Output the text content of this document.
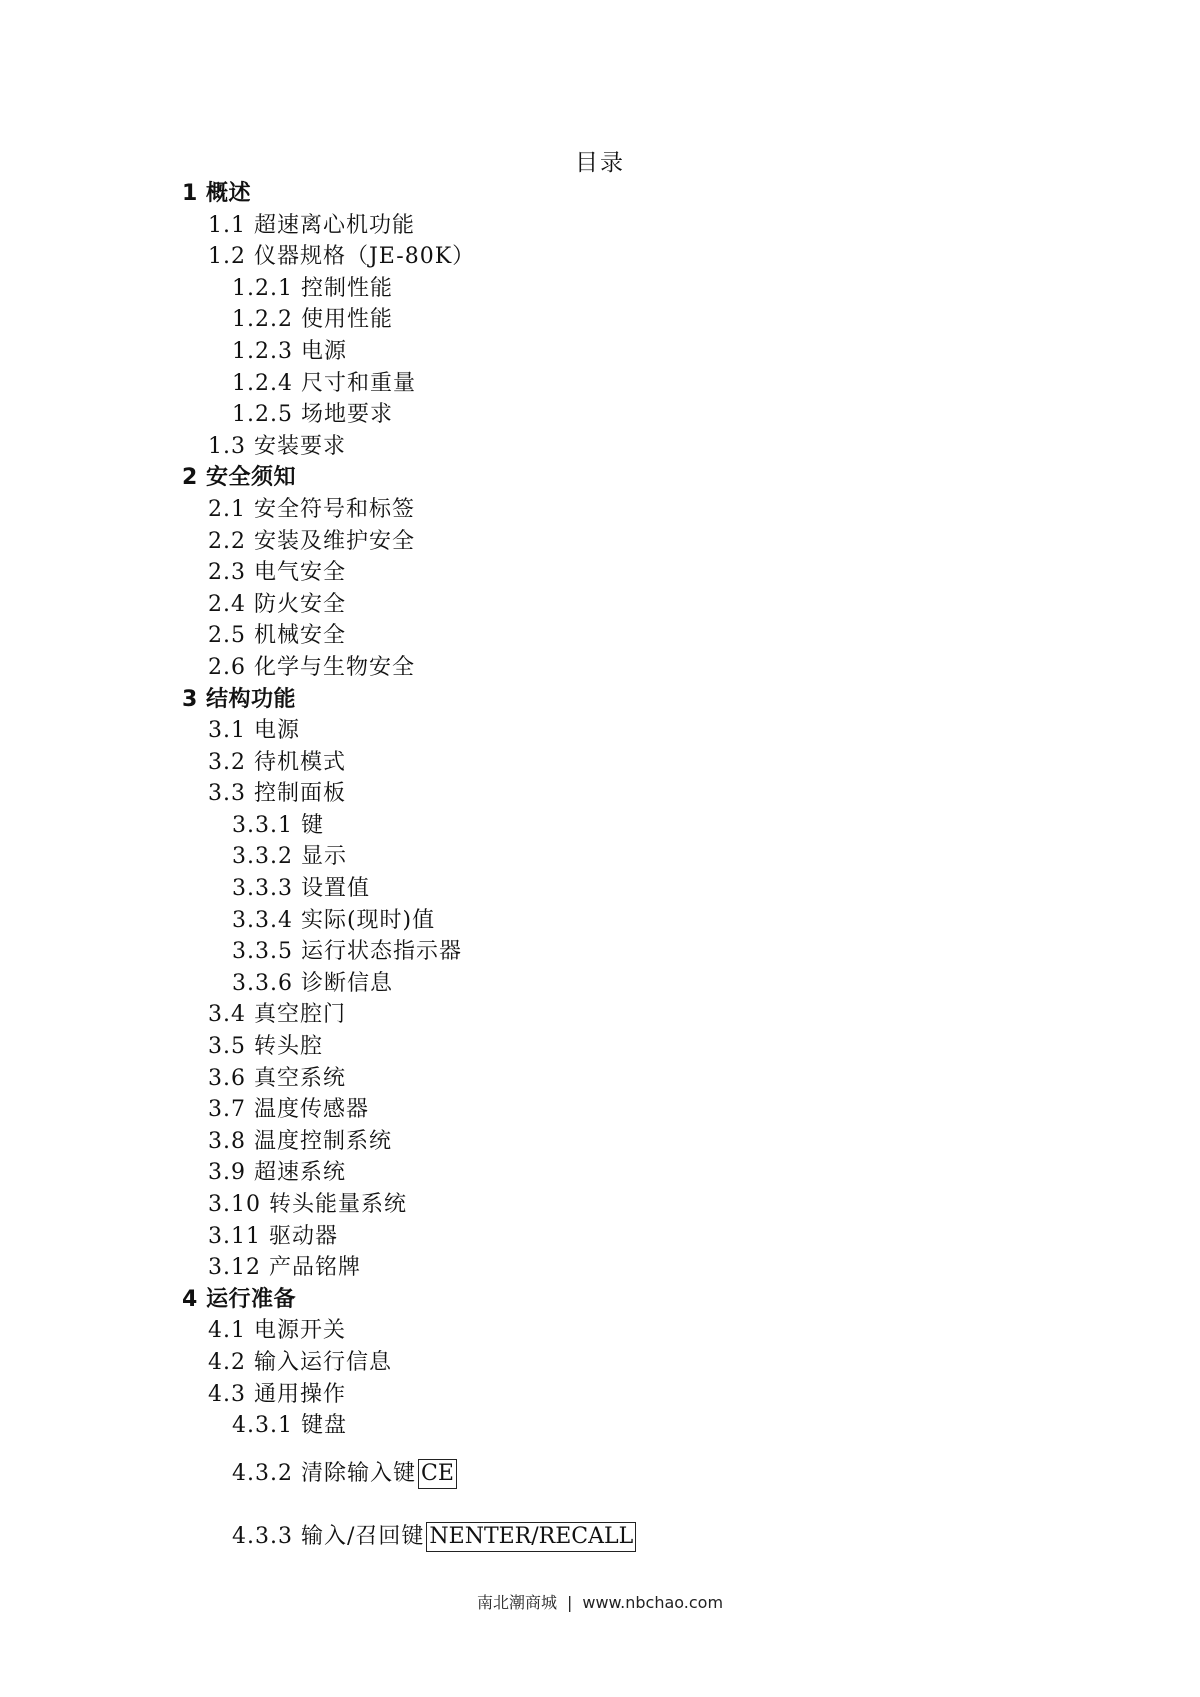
目录
1 概述
1.1 超速离心机功能
1.2 仪器规格（JE-80K）
1.2.1 控制性能
1.2.2 使用性能
1.2.3 电源
1.2.4 尺寸和重量
1.2.5 场地要求
1.3 安装要求
2 安全须知
2.1 安全符号和标签
2.2 安装及维护安全
2.3 电气安全
2.4 防火安全
2.5 机械安全
2.6 化学与生物安全
3 结构功能
3.1 电源
3.2 待机模式
3.3 控制面板
3.3.1 键
3.3.2 显示
3.3.3 设置值
3.3.4 实际(现时)值
3.3.5 运行状态指示器
3.3.6 诊断信息
3.4 真空腔门
3.5 转头腔
3.6 真空系统
3.7 温度传感器
3.8 温度控制系统
3.9 超速系统
3.10 转头能量系统
3.11 驱动器
3.12 产品铭牌
4 运行准备
4.1 电源开关
4.2 输入运行信息
4.3 通用操作
4.3.1 键盘
4.3.2 清除输入键 CE
4.3.3 输入/召回键 NENTER/RECALL
南北潮商城 | www.nbchao.com
